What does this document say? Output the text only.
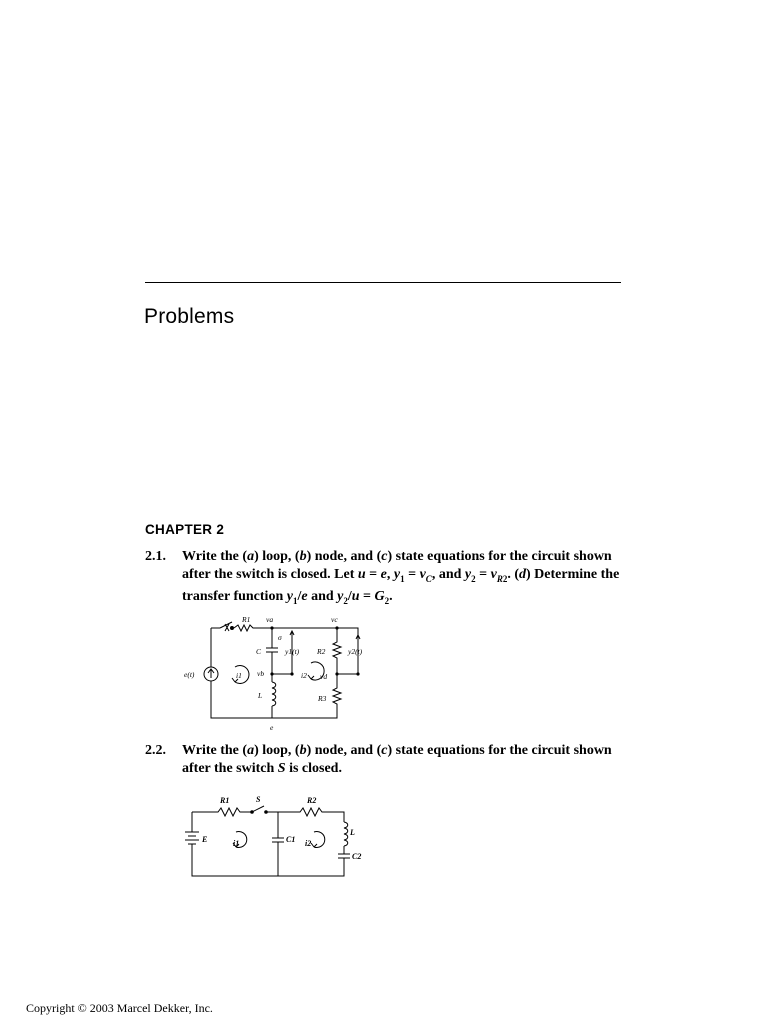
Problems
CHAPTER 2
2.1. Write the (a) loop, (b) node, and (c) state equations for the circuit shown after the switch is closed. Let u = e, $y_1 = v_C$, and $y_2 = v_{R2}$. (d) Determine the transfer function $y_1/e$ and $y_2/u = G_2$.
R1 va	vc
σ
C	y1(t) R2	y2(t)
e(t)	i1 vb	i2 vd
L	R3
e
2.2. Write the (a) loop, (b) node, and (c) state equations for the circuit shown after the switch S is closed.
R1	S	R2
L
E	i1	C1 i2
C2
Copyright © 2003 Marcel Dekker, Inc.
